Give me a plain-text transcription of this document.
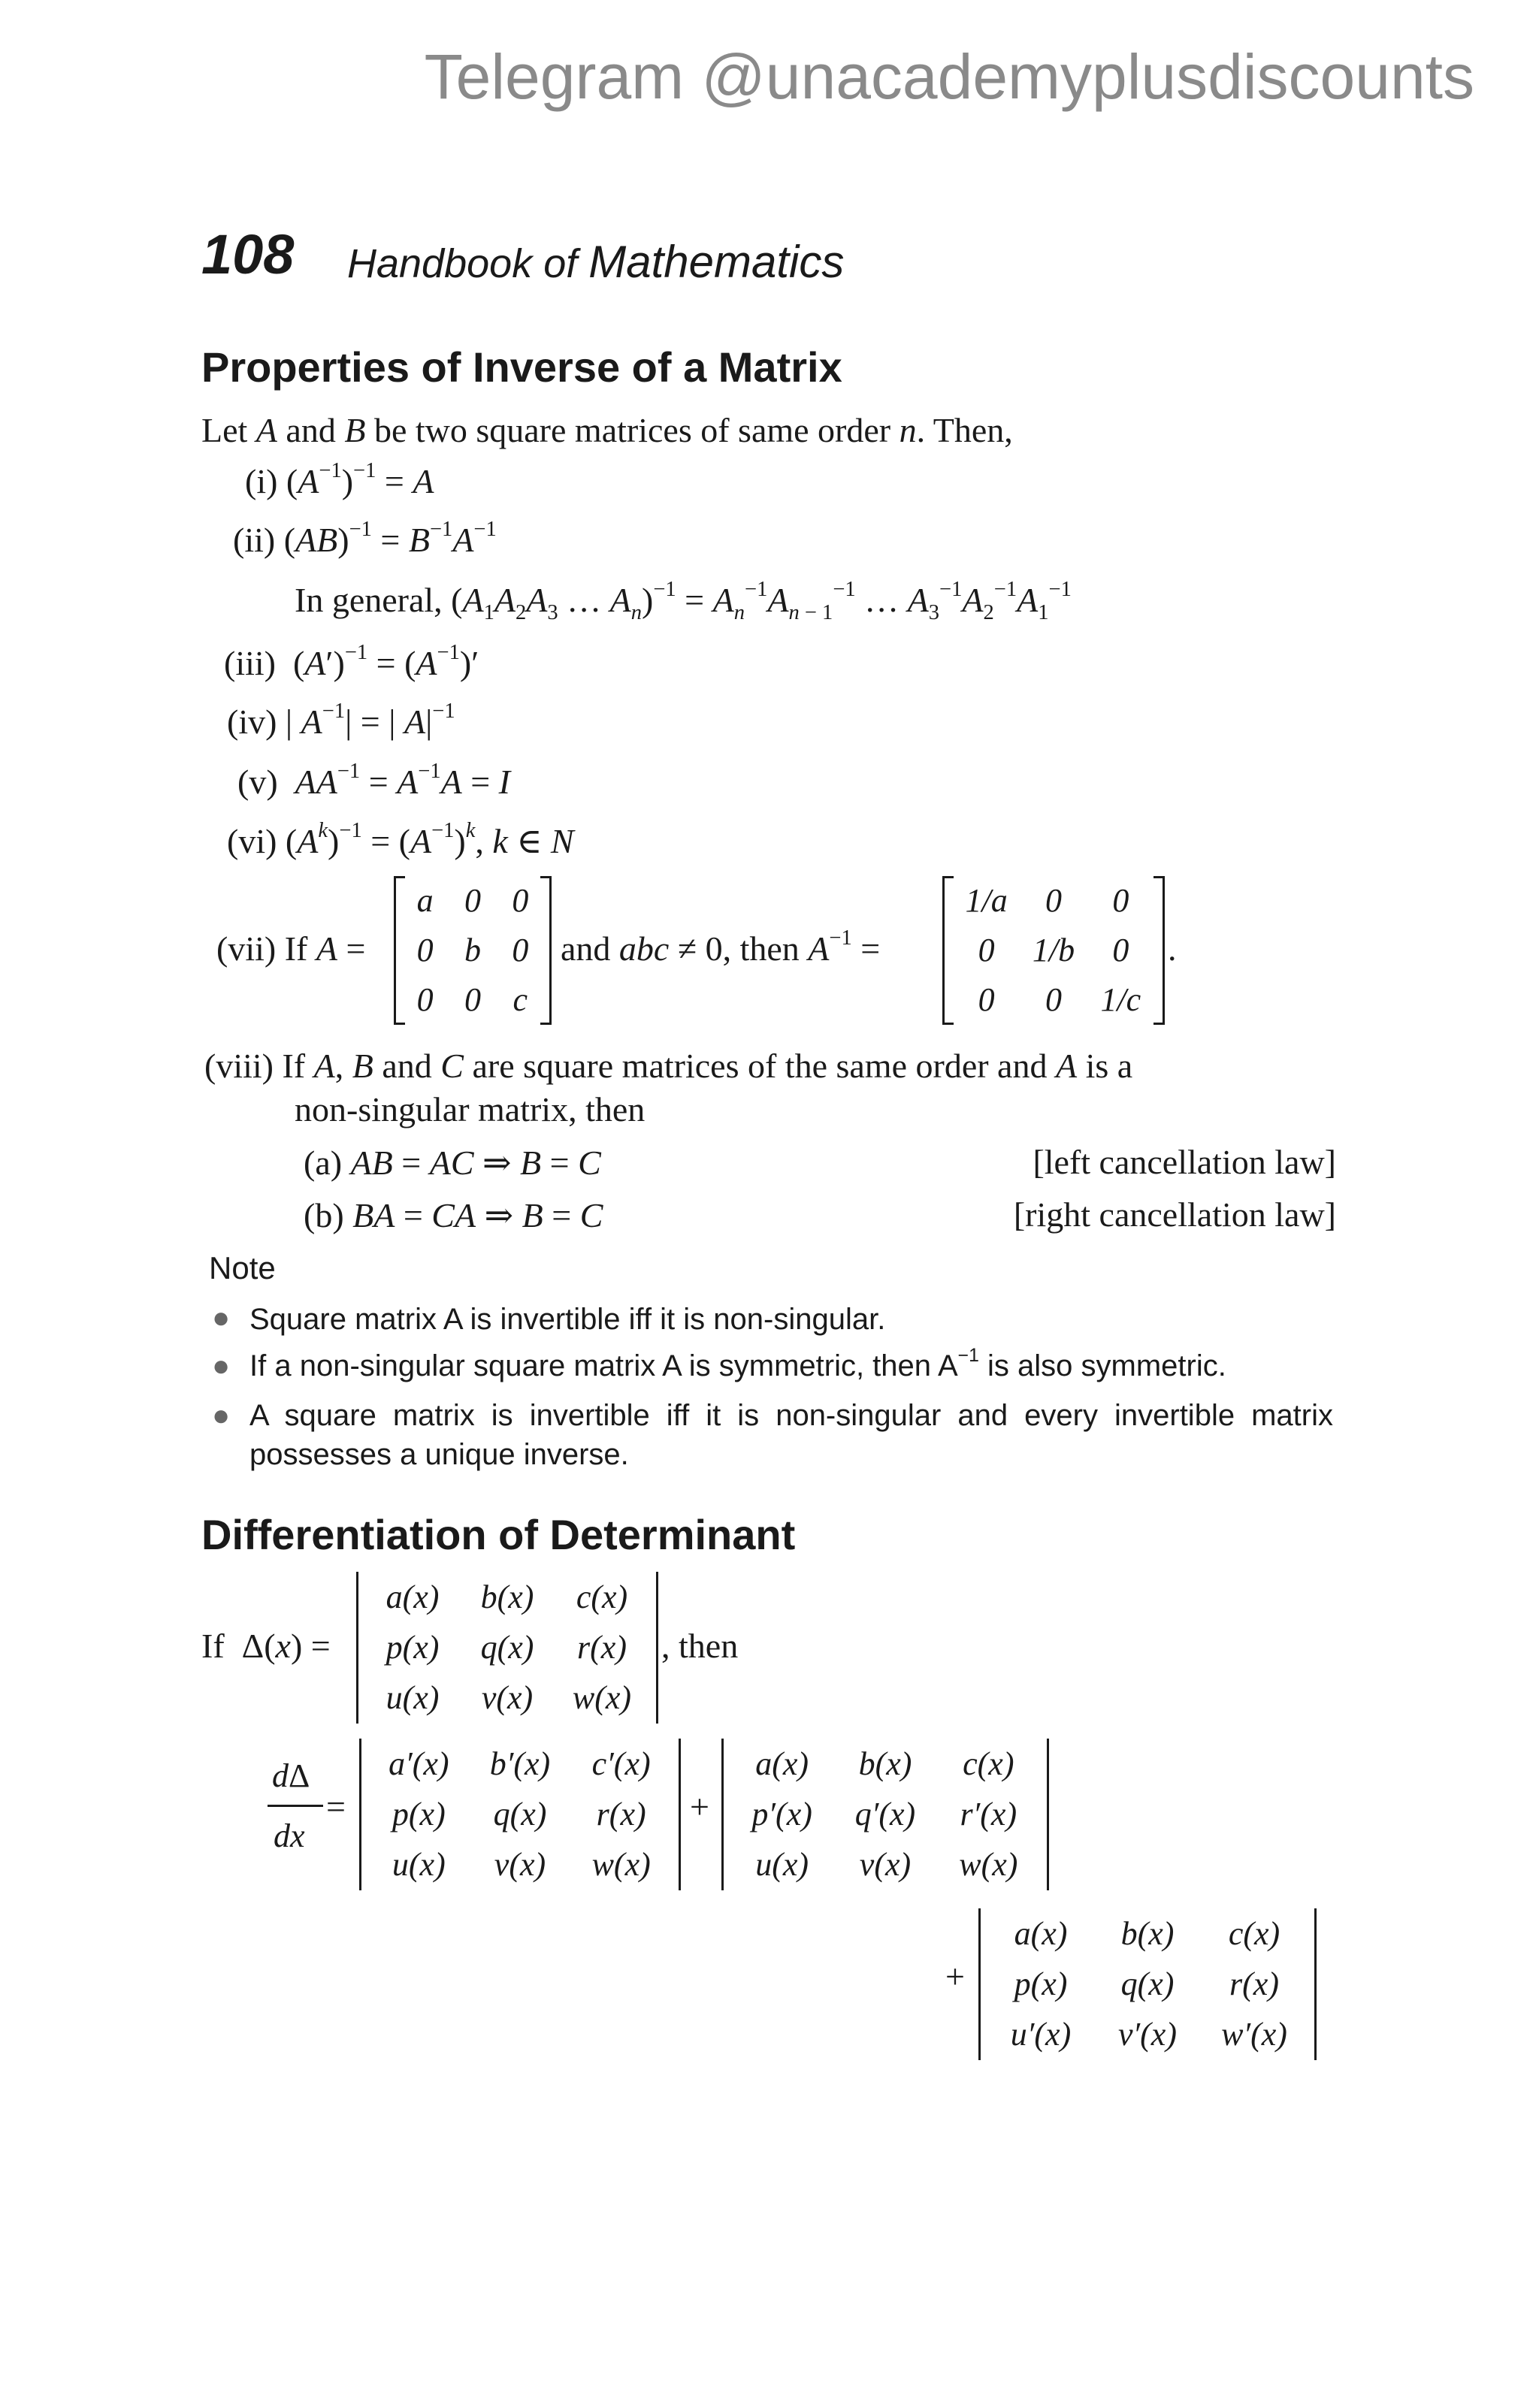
Telegram @unacademyplusdiscounts
108 Handbook of Mathematics
Properties of Inverse of a Matrix
Let A and B be two square matrices of same order n. Then,
(i) $(A^{-1})^{-1} = A$
(ii) $(AB)^{-1} = B^{-1}A^{-1}$
In general, ($A_1A_2A_3$ … $A_n)^{-1} = A_n^{-1}A_{n - 1}^{-1}$ … $A_3^{-1}A_2^{-1}A_1^{-1}$
(iii)  $(A')^{-1} = (A^{-1})'$
(iv) | $A^{-1}|$ = | $A|^{-1}$
(v) $AA^{-1} = A^{-1}A = I$
(vi) $(A^k)^{-1} = (A^{-1})^k$, k ∈ N
(vii) If A =
a 0 0
0 b 0
0 0 c
and abc ≠ 0, then $A^{-1}$ =
1/a	0	0
0	1/b	0
0	0	1/c
.
(viii) If A, B and C are square matrices of the same order and A is a
non-singular matrix, then
(a) AB = AC ⇒ B = C	[left cancellation law]
(b) BA = CA ⇒ B = C	[right cancellation law]
Note
● Square matrix A is invertible iff it is non-singular.
● If a non-singular square matrix A is symmetric, then $A^{-1}$ is also symmetric.
● A square matrix is invertible iff it is non-singular and every invertible matrix
possesses a unique inverse.
Differentiation of Determinant
If  Δ(x) =
a(x)	b(x)	c(x)
p(x)	q(x)	r(x)
u(x)	v(x)	w(x)
, then
dΔ
dx
=
a′(x)	b′(x)	c′(x)
p(x)	q(x)	r(x)
u(x)	v(x)	w(x)
+
a(x)	b(x)	c(x)
p′(x)	q′(x)	r′(x)
u(x)	v(x)	w(x)
+
a(x)	b(x)	c(x)
p(x)	q(x)	r(x)
u′(x)	v′(x)	w′(x)
